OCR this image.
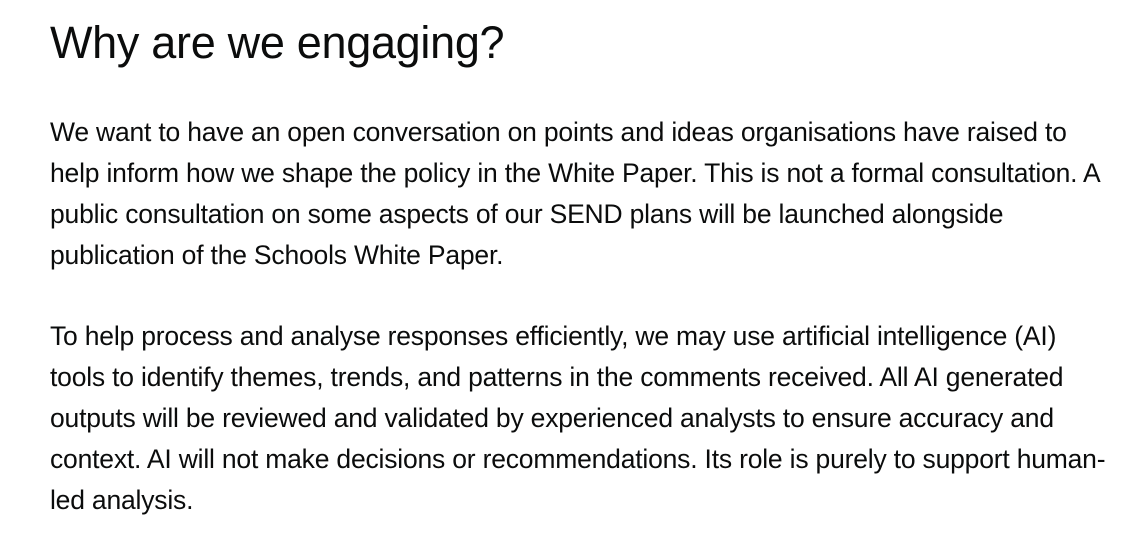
Why are we engaging?

We want to have an open conversation on points and ideas organisations have raised to help inform how we shape the policy in the White Paper. This is not a formal consultation. A public consultation on some aspects of our SEND plans will be launched alongside publication of the Schools White Paper.

To help process and analyse responses efficiently, we may use artificial intelligence (AI) tools to identify themes, trends, and patterns in the comments received. All AI generated outputs will be reviewed and validated by experienced analysts to ensure accuracy and context. AI will not make decisions or recommendations. Its role is purely to support human-led analysis.
